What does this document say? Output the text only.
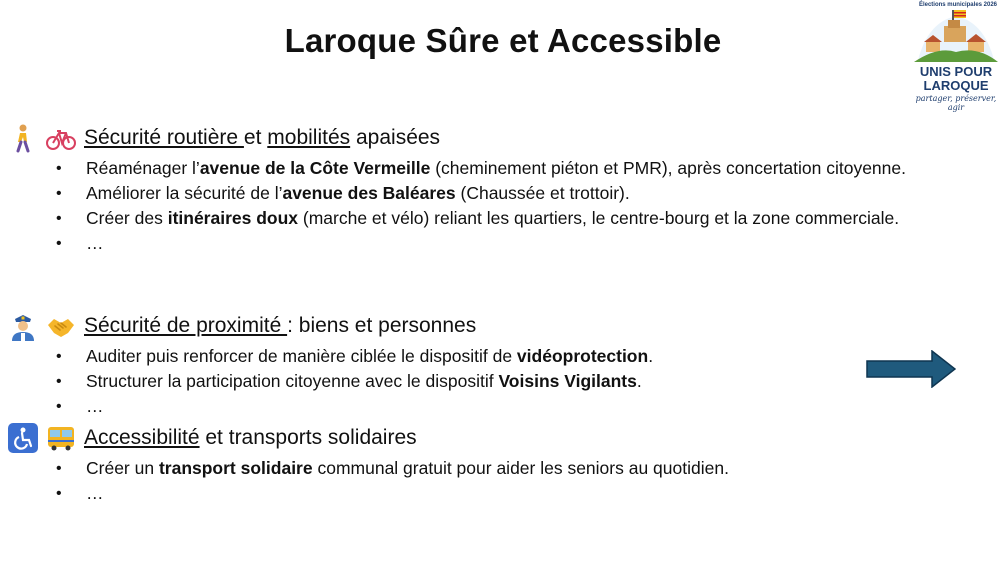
Laroque Sûre et Accessible
Élections municipales 2026
UNIS POUR
LAROQUE
partager, préserver, agir
Sécurité routière et mobilités apaisées
• Réaménager l’avenue de la Côte Vermeille (cheminement piéton et PMR), après concertation citoyenne.
• Améliorer la sécurité de l’avenue des Baléares (Chaussée et trottoir).
• Créer des itinéraires doux (marche et vélo) reliant les quartiers, le centre-bourg et la zone commerciale.
• …
Sécurité de proximité : biens et personnes
• Auditer puis renforcer de manière ciblée le dispositif de vidéoprotection.
• Structurer la participation citoyenne avec le dispositif Voisins Vigilants.
• …
Accessibilité et transports solidaires
• Créer un transport solidaire communal gratuit pour aider les seniors au quotidien.
• …
